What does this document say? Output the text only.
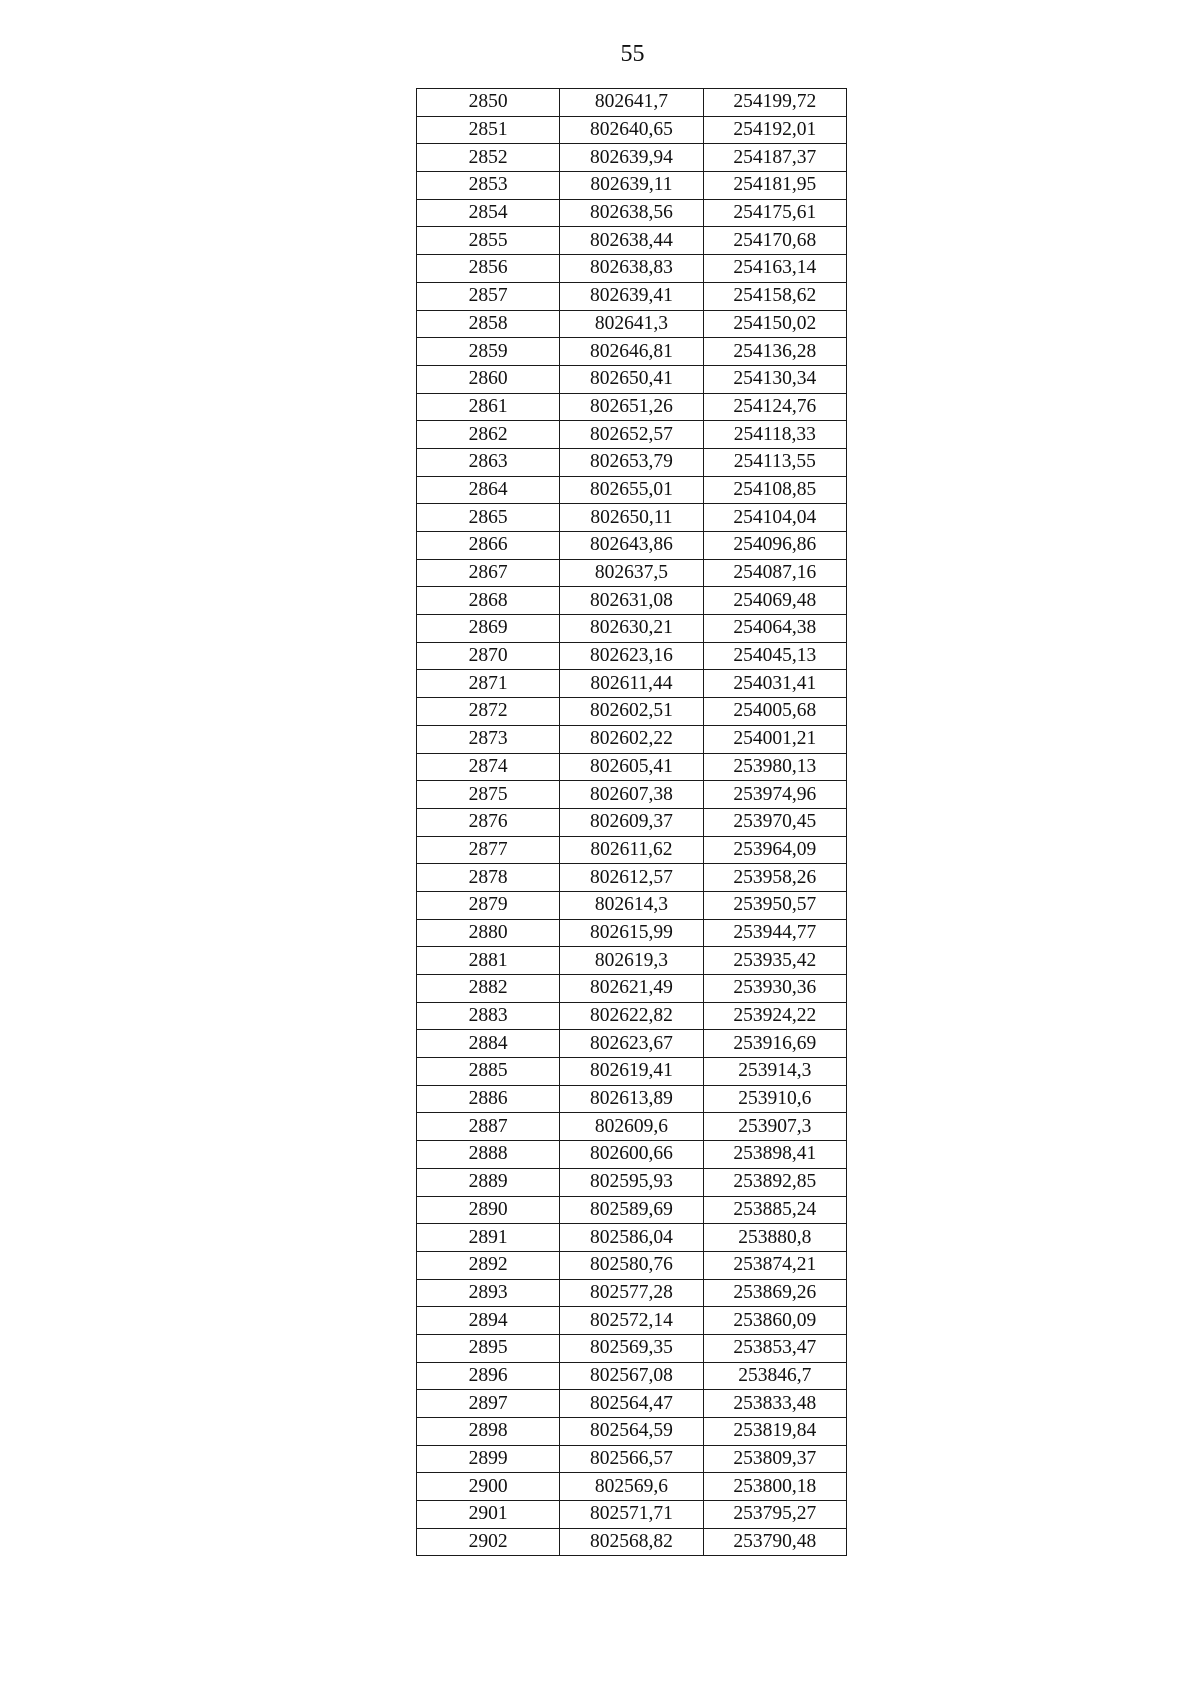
55
2850	802641,7	254199,72
2851	802640,65	254192,01
2852	802639,94	254187,37
2853	802639,11	254181,95
2854	802638,56	254175,61
2855	802638,44	254170,68
2856	802638,83	254163,14
2857	802639,41	254158,62
2858	802641,3	254150,02
2859	802646,81	254136,28
2860	802650,41	254130,34
2861	802651,26	254124,76
2862	802652,57	254118,33
2863	802653,79	254113,55
2864	802655,01	254108,85
2865	802650,11	254104,04
2866	802643,86	254096,86
2867	802637,5	254087,16
2868	802631,08	254069,48
2869	802630,21	254064,38
2870	802623,16	254045,13
2871	802611,44	254031,41
2872	802602,51	254005,68
2873	802602,22	254001,21
2874	802605,41	253980,13
2875	802607,38	253974,96
2876	802609,37	253970,45
2877	802611,62	253964,09
2878	802612,57	253958,26
2879	802614,3	253950,57
2880	802615,99	253944,77
2881	802619,3	253935,42
2882	802621,49	253930,36
2883	802622,82	253924,22
2884	802623,67	253916,69
2885	802619,41	253914,3
2886	802613,89	253910,6
2887	802609,6	253907,3
2888	802600,66	253898,41
2889	802595,93	253892,85
2890	802589,69	253885,24
2891	802586,04	253880,8
2892	802580,76	253874,21
2893	802577,28	253869,26
2894	802572,14	253860,09
2895	802569,35	253853,47
2896	802567,08	253846,7
2897	802564,47	253833,48
2898	802564,59	253819,84
2899	802566,57	253809,37
2900	802569,6	253800,18
2901	802571,71	253795,27
2902	802568,82	253790,48
